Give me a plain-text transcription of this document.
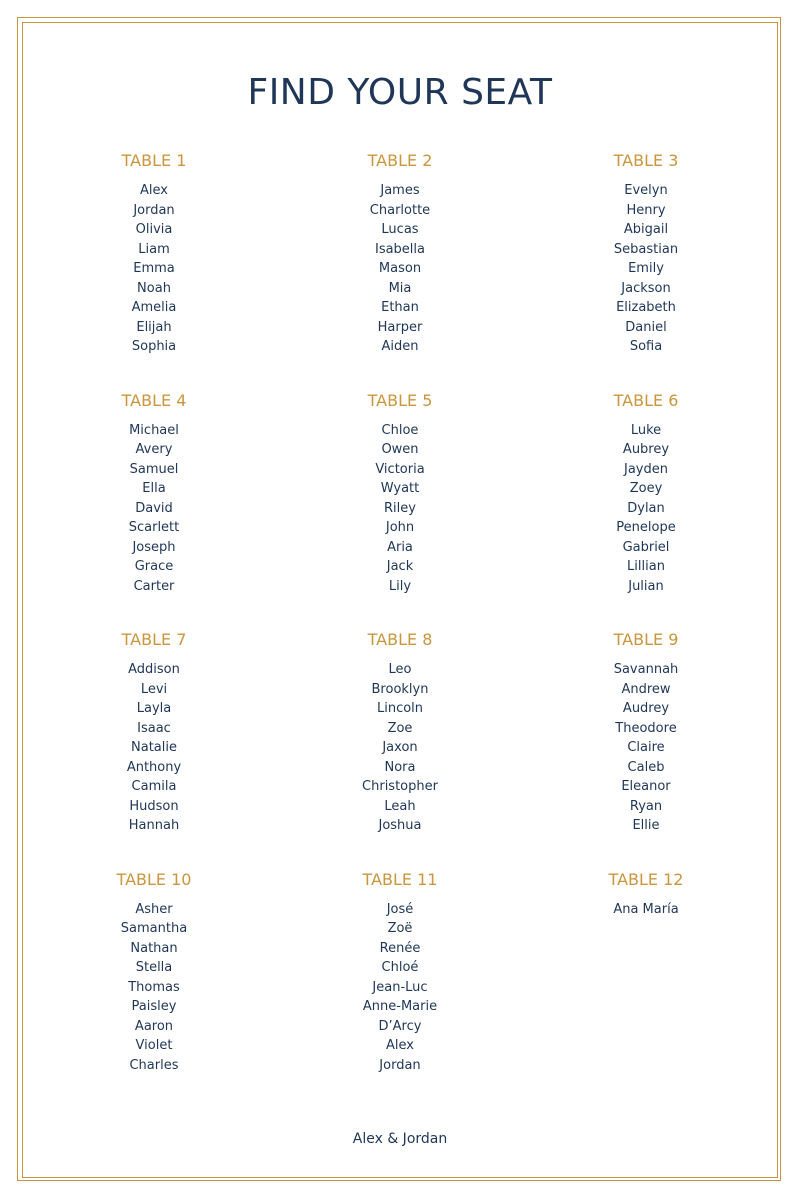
FIND YOUR SEAT
TABLE 1
Alex
Jordan
Olivia
Liam
Emma
Noah
Amelia
Elijah
Sophia
TABLE 2
James
Charlotte
Lucas
Isabella
Mason
Mia
Ethan
Harper
Aiden
TABLE 3
Evelyn
Henry
Abigail
Sebastian
Emily
Jackson
Elizabeth
Daniel
Sofia
TABLE 4
Michael
Avery
Samuel
Ella
David
Scarlett
Joseph
Grace
Carter
TABLE 5
Chloe
Owen
Victoria
Wyatt
Riley
John
Aria
Jack
Lily
TABLE 6
Luke
Aubrey
Jayden
Zoey
Dylan
Penelope
Gabriel
Lillian
Julian
TABLE 7
Addison
Levi
Layla
Isaac
Natalie
Anthony
Camila
Hudson
Hannah
TABLE 8
Leo
Brooklyn
Lincoln
Zoe
Jaxon
Nora
Christopher
Leah
Joshua
TABLE 9
Savannah
Andrew
Audrey
Theodore
Claire
Caleb
Eleanor
Ryan
Ellie
TABLE 10
Asher
Samantha
Nathan
Stella
Thomas
Paisley
Aaron
Violet
Charles
TABLE 11
José
Zoë
Renée
Chloé
Jean-Luc
Anne-Marie
D’Arcy
Alex
Jordan
TABLE 12
Ana María
Alex & Jordan
